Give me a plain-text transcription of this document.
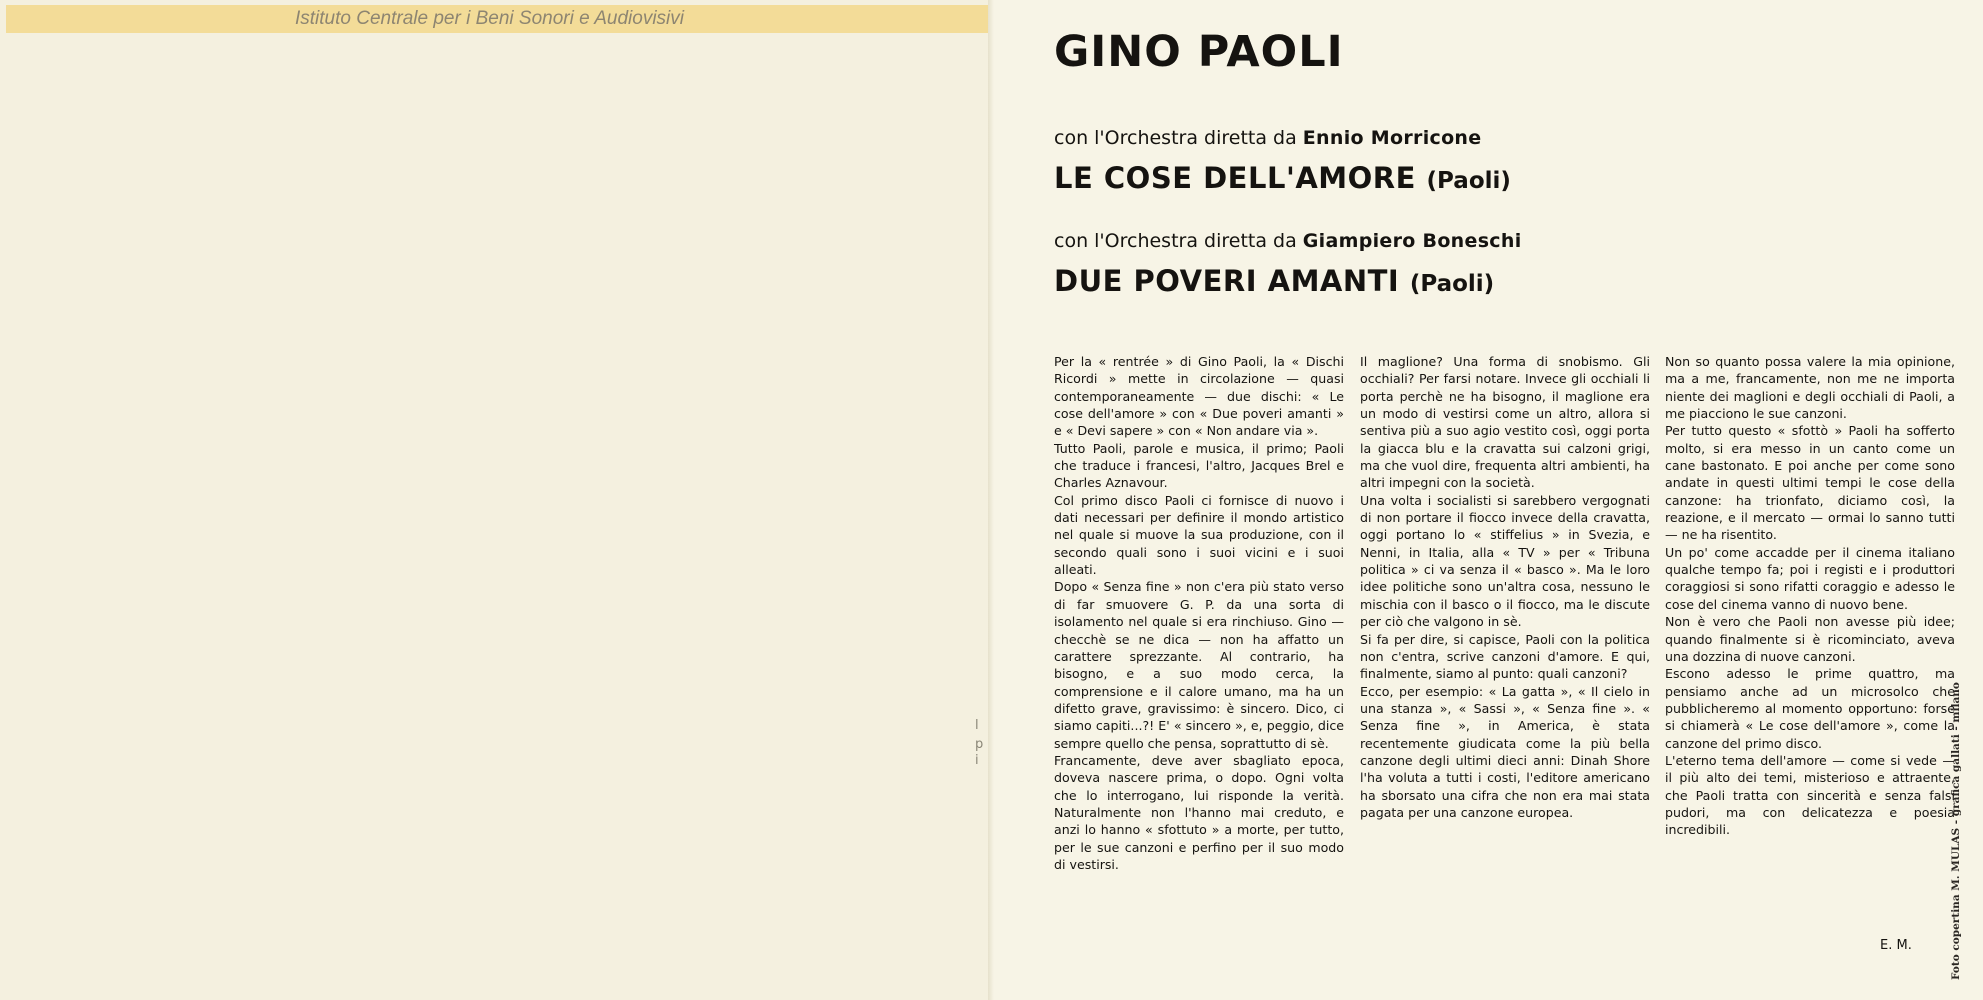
Istituto Centrale per i Beni Sonori e Audiovisivi
l
p
i
GINO PAOLI
con l'Orchestra diretta da Ennio Morricone
LE COSE DELL'AMORE (Paoli)
con l'Orchestra diretta da Giampiero Boneschi
DUE POVERI AMANTI (Paoli)

Per la « rentrée » di Gino Paoli, la « Dischi Ricordi » mette in circolazione — quasi contemporaneamente — due dischi: « Le cose dell'amore » con « Due poveri amanti » e « Devi sapere » con « Non andare via ».

Tutto Paoli, parole e musica, il primo; Paoli che traduce i francesi, l'altro, Jacques Brel e Charles Aznavour.

Col primo disco Paoli ci fornisce di nuovo i dati necessari per definire il mondo artistico nel quale si muove la sua produzione, con il secondo quali sono i suoi vicini e i suoi alleati.

Dopo « Senza fine » non c'era più stato verso di far smuovere G. P. da una sorta di isolamento nel quale si era rinchiuso. Gino — checchè se ne dica — non ha affatto un carattere sprezzante. Al contrario, ha bisogno, e a suo modo cerca, la comprensione e il calore umano, ma ha un difetto grave, gravissimo: è sincero. Dico, ci siamo capiti...?! E' « sincero », e, peggio, dice sempre quello che pensa, soprattutto di sè.

Francamente, deve aver sbagliato epoca, doveva nascere prima, o dopo. Ogni volta che lo interrogano, lui risponde la verità. Naturalmente non l'hanno mai creduto, e anzi lo hanno « sfottuto » a morte, per tutto, per le sue canzoni e perfino per il suo modo di vestirsi.

Il maglione? Una forma di snobismo. Gli occhiali? Per farsi notare. Invece gli occhiali li porta perchè ne ha bisogno, il maglione era un modo di vestirsi come un altro, allora si sentiva più a suo agio vestito così, oggi porta la giacca blu e la cravatta sui calzoni grigi, ma che vuol dire, frequenta altri ambienti, ha altri impegni con la società.

Una volta i socialisti si sarebbero vergognati di non portare il fiocco invece della cravatta, oggi portano lo « stiffelius » in Svezia, e Nenni, in Italia, alla « TV » per « Tribuna politica » ci va senza il « basco ». Ma le loro idee politiche sono un'altra cosa, nessuno le mischia con il basco o il fiocco, ma le discute per ciò che valgono in sè.

Si fa per dire, si capisce, Paoli con la politica non c'entra, scrive canzoni d'amore. E qui, finalmente, siamo al punto: quali canzoni?

Ecco, per esempio: « La gatta », « Il cielo in una stanza », « Sassi », « Senza fine ». « Senza fine », in America, è stata recentemente giudicata come la più bella canzone degli ultimi dieci anni: Dinah Shore l'ha voluta a tutti i costi, l'editore americano ha sborsato una cifra che non era mai stata pagata per una canzone europea.

Non so quanto possa valere la mia opinione, ma a me, francamente, non me ne importa niente dei maglioni e degli occhiali di Paoli, a me piacciono le sue canzoni.

Per tutto questo « sfottò » Paoli ha sofferto molto, si era messo in un canto come un cane bastonato. E poi anche per come sono andate in questi ultimi tempi le cose della canzone: ha trionfato, diciamo così, la reazione, e il mercato — ormai lo sanno tutti — ne ha risentito.

Un po' come accadde per il cinema italiano qualche tempo fa; poi i registi e i produttori coraggiosi si sono rifatti coraggio e adesso le cose del cinema vanno di nuovo bene.

Non è vero che Paoli non avesse più idee; quando finalmente si è ricominciato, aveva una dozzina di nuove canzoni.

Escono adesso le prime quattro, ma pensiamo anche ad un microsolco che pubblicheremo al momento opportuno: forse si chiamerà « Le cose dell'amore », come la canzone del primo disco.

L'eterno tema dell'amore — come si vede — il più alto dei temi, misterioso e attraente, che Paoli tratta con sincerità e senza falsi pudori, ma con delicatezza e poesia incredibili.

E. M.	Foto copertina M. MULAS - grafica gallati - milano
